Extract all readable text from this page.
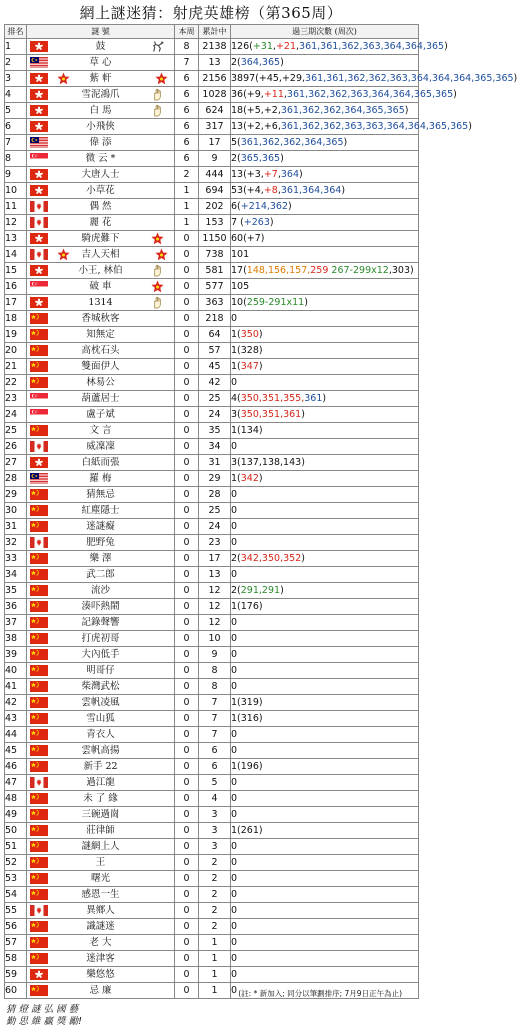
網上謎迷猜：射虎英雄榜（第365周）
排名	謎 號	本周	累計中	過三期次數 (周次)
1	鼓	8	2138	126(+31,+21,361,361,362,363,364,364,365)
2	草 心	7	13	2(364,365)
3	紫 軒	6	2156	3897(+45,+29,361,361,362,362,363,364,364,364,365,365)
4	雪泥鴻爪	6	1028	36(+9,+11,361,362,362,363,364,364,365,365)
5	白 馬	6	624	18(+5,+2,361,362,362,364,365,365)
6	小飛俠	6	317	13(+2,+6,361,362,362,363,363,364,364,365,365)
7	偉 添	6	17	5(361,362,362,364,365)
8	微 云 *	6	9	2(365,365)
9	大唐人士	2	444	13(+3,+7,364)
10	小草花	1	694	53(+4,+8,361,364,364)
11	偶 然	1	202	6(+214,362)
12	麗 花	1	153	7 (+263)
13	騎虎難下	0	1150	60(+7)
14	吉人天相	0	738	101
15	小王, 林伯	0	581	17(148,156,157,259 267-299x12,303)
16	破 車	0	577	105
17	1314	0	363	10(259-291x11)
18	香城秋客	0	218	0
19	知無定	0	64	1(350)
20	高枕石头	0	57	1(328)
21	雙面伊人	0	45	1(347)
22	林易公	0	42	0
23	葫蘆居士	0	25	4(350,351,355,361)
24	盧子斌	0	24	3(350,351,361)
25	文 言	0	35	1(134)
26	威凜凜	0	34	0
27	白紙而張	0	31	3(137,138,143)
28	羅 梅	0	29	1(342)
29	猜無忌	0	28	0
30	紅塵隱士	0	25	0
31	迷謎癡	0	24	0
32	肥野兔	0	23	0
33	樂 澤	0	17	2(342,350,352)
34	武二郎	0	13	0
35	流沙	0	12	2(291,291)
36	湊吓熱鬧	0	12	1(176)
37	記錄聲響	0	12	0
38	打虎初哥	0	10	0
39	大內低手	0	9	0
40	明哥仔	0	8	0
41	柴灣武松	0	8	0
42	雲帆凌風	0	7	1(319)
43	雪山狐	0	7	1(316)
44	青衣人	0	7	0
45	雲帆高揚	0	6	0
46	新手 22	0	6	1(196)
47	過江龍	0	5	0
48	未 了 緣	0	4	0
49	三碗過崗	0	3	0
50	莊律師	0	3	1(261)
51	謎網上人	0	3	0
52	王	0	2	0
53	曙光	0	2	0
54	感恩一生	0	2	0
55	異鄉人	0	2	0
56	識謎迷	0	2	0
57	老 大	0	1	0
58	迷津客	0	1	0
59	樂悠悠	0	1	0
60	忌 廉	0	1	0 (註: * 新加入; 同分以筆劃排序; 7月9日正午為止)
猜 燈 謎 弘 國 藝
勤 思 維 贏 獎 勵!
